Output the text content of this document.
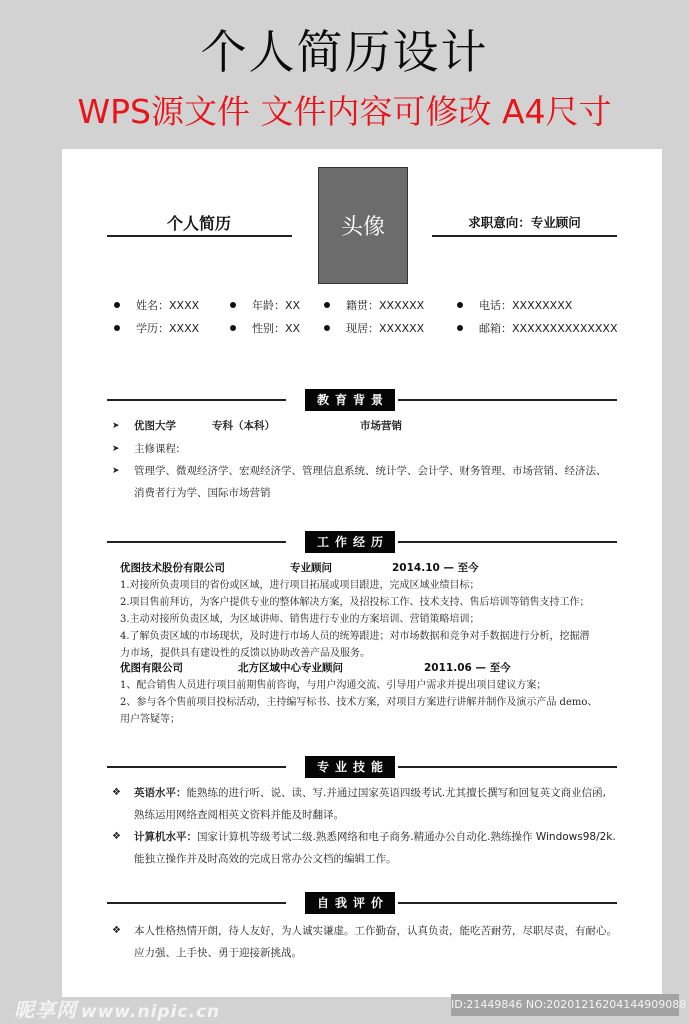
个人简历设计
WPS源文件 文件内容可修改 A4尺寸
个人简历	头像	求职意向：专业顾问
姓名：XXXX	年龄：XX	籍贯：XXXXXX	电话：XXXXXXXX
学历：XXXX	性别：XX	现居：XXXXXX	邮箱：XXXXXXXXXXXXXX
教育背景
➤ 优图大学	专科（本科）	市场营销
➤ 主修课程:
➤ 管理学、微观经济学、宏观经济学、管理信息系统、统计学、会计学、财务管理、市场营销、经济法、
消费者行为学、国际市场营销
工作经历
优图技术股份有限公司	专业顾问	2014.10 — 至今
1.对接所负责项目的省份或区域，进行项目拓展或项目跟进，完成区域业绩目标；
2.项目售前拜访，为客户提供专业的整体解决方案，及招投标工作、技术支持、售后培训等销售支持工作；
3.主动对接所负责区域，为区域讲师、销售进行专业的方案培训、营销策略培训；
4.了解负责区域的市场现状，及时进行市场人员的统筹跟进；对市场数据和竞争对手数据进行分析，挖掘潜
力市场，提供具有建设性的反馈以协助改善产品及服务。
优图有限公司	北方区域中心专业顾问	2011.06 — 至今
1、配合销售人员进行项目前期售前咨询，与用户沟通交流、引导用户需求并提出项目建议方案；
2、参与各个售前项目投标活动，主持编写标书、技术方案，对项目方案进行讲解并制作及演示产品 demo、
用户答疑等；
专业技能
❖ 英语水平：能熟练的进行听、说、读、写.并通过国家英语四级考试.尤其擅长撰写和回复英文商业信函,
熟练运用网络查阅相英文资料并能及时翻译。
❖ 计算机水平：国家计算机等级考试二级.熟悉网络和电子商务.精通办公自动化.熟练操作 Windows98/2k.
能独立操作并及时高效的完成日常办公文档的编辑工作。
自我评价
❖ 本人性格热情开朗，待人友好，为人诚实谦虚。工作勤奋，认真负责，能吃苦耐劳，尽职尽责，有耐心。
应力强、上手快、勇于迎接新挑战。
昵享网 www.nipic.cn	ID:21449846 NO:20201216204144909088
